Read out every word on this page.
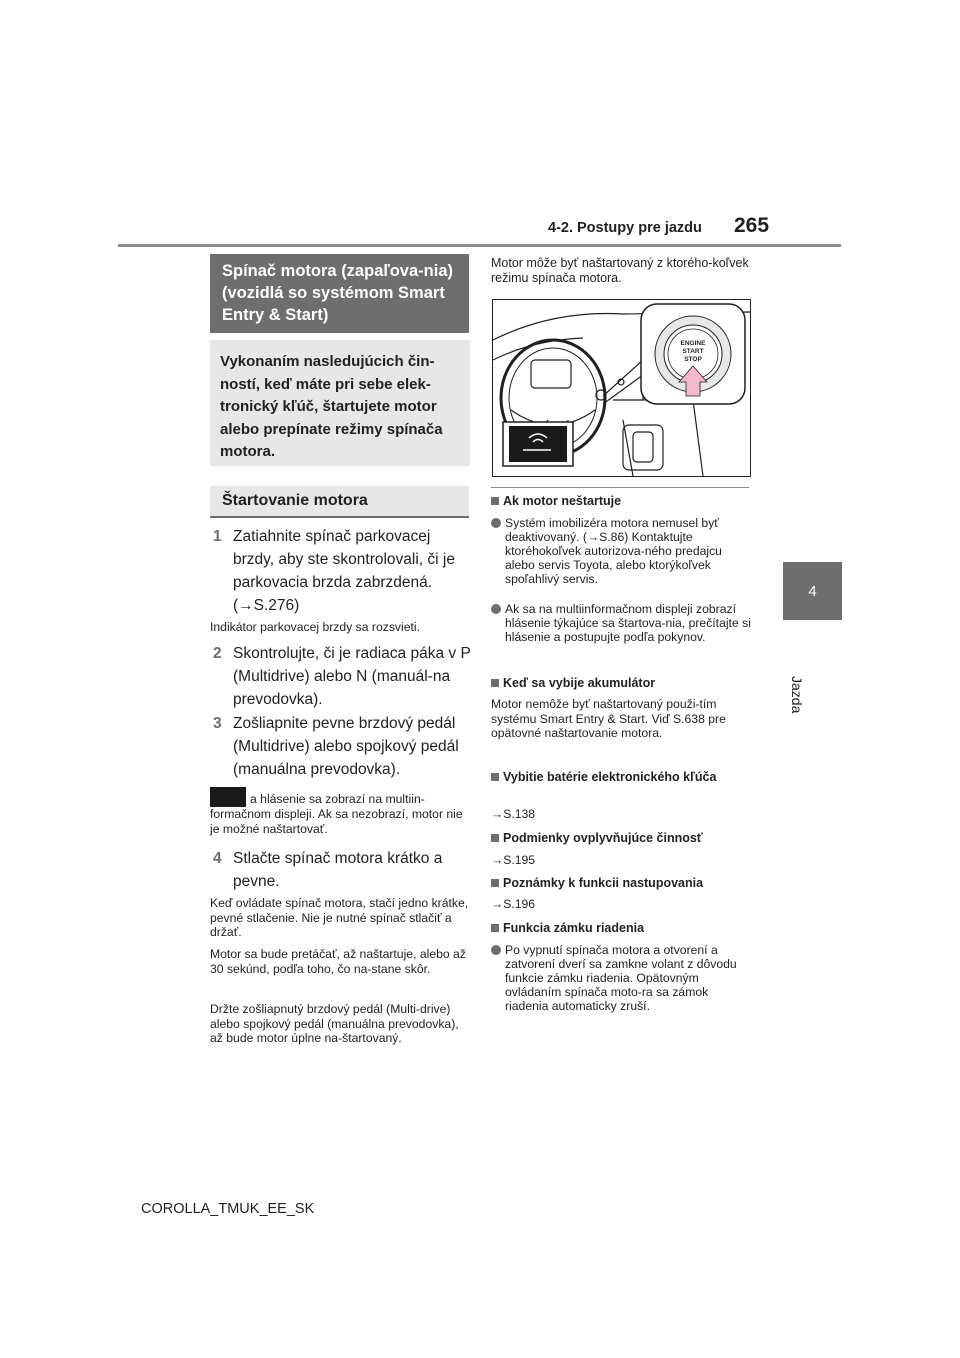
4-2. Postupy pre jazdu 265
4
Jazda
Spínač motora (zapaľova-nia) (vozidlá so systémom Smart Entry & Start)
Vykonaním nasledujúcich čin-ností, keď máte pri sebe elek-tronický kľúč, štartujete motor alebo prepínate režimy spínača motora.
Štartovanie motora
1 Zatiahnite spínač parkovacej brzdy, aby ste skontrolovali, či je parkovacia brzda zabrzdená. (→S.276)
Indikátor parkovacej brzdy sa rozsvieti.
2 Skontrolujte, či je radiaca páka v P (Multidrive) alebo N (manuál-na prevodovka).
3 Zošliapnite pevne brzdový pedál (Multidrive) alebo spojkový pedál (manuálna prevodovka).
a hlásenie sa zobrazí na multiin-formačnom displeji. Ak sa nezobrazí, motor nie je možné naštartovať.
4 Stlačte spínač motora krátko a pevne.
Keď ovládate spínač motora, stačí jedno krátke, pevné stlačenie. Nie je nutné spínač stlačiť a držať.
Motor sa bude pretáčať, až naštartuje, alebo až 30 sekúnd, podľa toho, čo na-stane skôr.
Držte zošliapnutý brzdový pedál (Multi-drive) alebo spojkový pedál (manuálna prevodovka), až bude motor úplne na-štartovaný.
Motor môže byť naštartovaný z ktorého-koľvek režimu spínača motora.
ENGINE
START
STOP
Ak motor neštartuje
Systém imobilizéra motora nemusel byť deaktivovaný. (→S.86) Kontaktujte ktoréhokoľvek autorizova-ného predajcu alebo servis Toyota, alebo ktorýkoľvek spoľahlivý servis.
Ak sa na multiinformačnom displeji zobrazí hlásenie týkajúce sa štartova-nia, prečítajte si hlásenie a postupujte podľa pokynov.
Keď sa vybije akumulátor
Motor nemôže byť naštartovaný použi-tím systému Smart Entry & Start. Viď S.638 pre opätovné naštartovanie motora.
Vybitie batérie elektronického kľúča
→S.138
Podmienky ovplyvňujúce činnosť
→S.195
Poznámky k funkcii nastupovania
→S.196
Funkcia zámku riadenia
Po vypnutí spínača motora a otvorení a zatvorení dverí sa zamkne volant z dôvodu funkcie zámku riadenia. Opätovným ovládaním spínača moto-ra sa zámok riadenia automaticky zruší.
COROLLA_TMUK_EE_SK
